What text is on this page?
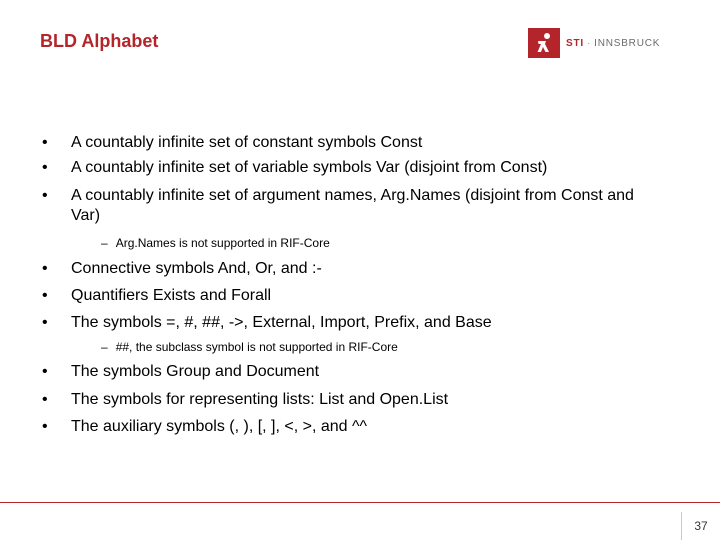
BLD Alphabet	STI · INNSBRUCK
•	A countably infinite set of constant symbols Const
•	A countably infinite set of variable symbols Var (disjoint from Const)
•	A countably infinite set of argument names, Arg.Names (disjoint from Const and Var)
– Arg.Names is not supported in RIF-Core
•	Connective symbols And, Or, and :-
•	Quantifiers Exists and Forall
•	The symbols =, #, ##, ->, External, Import, Prefix, and Base
– ##, the subclass symbol is not supported in RIF-Core
•	The symbols Group and Document
•	The symbols for representing lists: List and Open.List
•	The auxiliary symbols (, ), [, ], <, >, and ^^
37
